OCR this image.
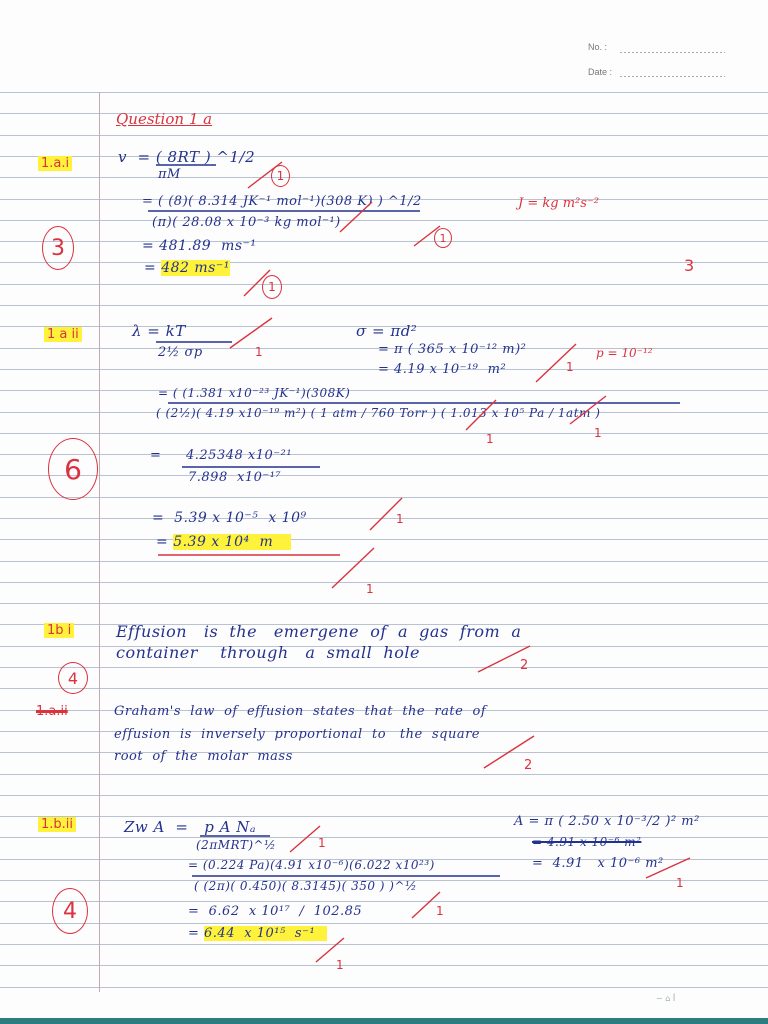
No. :
Date :
Question 1 a
1.a.i
3
v  = ( 8RT ) ^1/2
πM
= ( (8)( 8.314 JK⁻¹ mol⁻¹)(308 K) ) ^1/2
(π)( 28.08 x 10⁻³ kg mol⁻¹)
= 481.89  ms⁻¹
= 482 ms⁻¹
J = kg m²s⁻²
3
1
1
1
1 a ii
6
λ = kT
2½ σp
σ = πd²
= π ( 365 x 10⁻¹² m)²
= 4.19 x 10⁻¹⁹  m²
p = 10⁻¹²
= ( (1.381 x10⁻²³ JK⁻¹)(308K)
( (2½)( 4.19 x10⁻¹⁹ m²) ( 1 atm / 760 Torr ) ( 1.013 x 10⁵ Pa / 1atm )
= 4.25348 x10⁻²¹
7.898  x10⁻¹⁷
=  5.39 x 10⁻⁵  x 10⁹
= 5.39 x 10⁴  m
1
1
1	1
1
1
1b i
4
Effusion   is  the   emergene  of  a  gas  from  a
container    through   a  small  hole
2
1.a.ii	Graham's  law  of  effusion  states  that  the  rate  of
effusion  is  inversely  proportional  to   the  square
root  of  the  molar  mass
2
1.b.ii
4
Zw A  =   p A Nₐ
(2πMRT)^½
= (0.224 Pa)(4.91 x10⁻⁶)(6.022 x10²³)
( (2π)( 0.450)( 8.3145)( 350 ) )^½
=  6.62  x 10¹⁷  /  102.85
= 6.44  x 10¹⁵  s⁻¹
A = π ( 2.50 x 10⁻³/2 )² m²
= 4.91 x 10⁻⁶ m²
=  4.91   x 10⁻⁶ m²
1
1
1
1
~ ⌂ ꟾ
